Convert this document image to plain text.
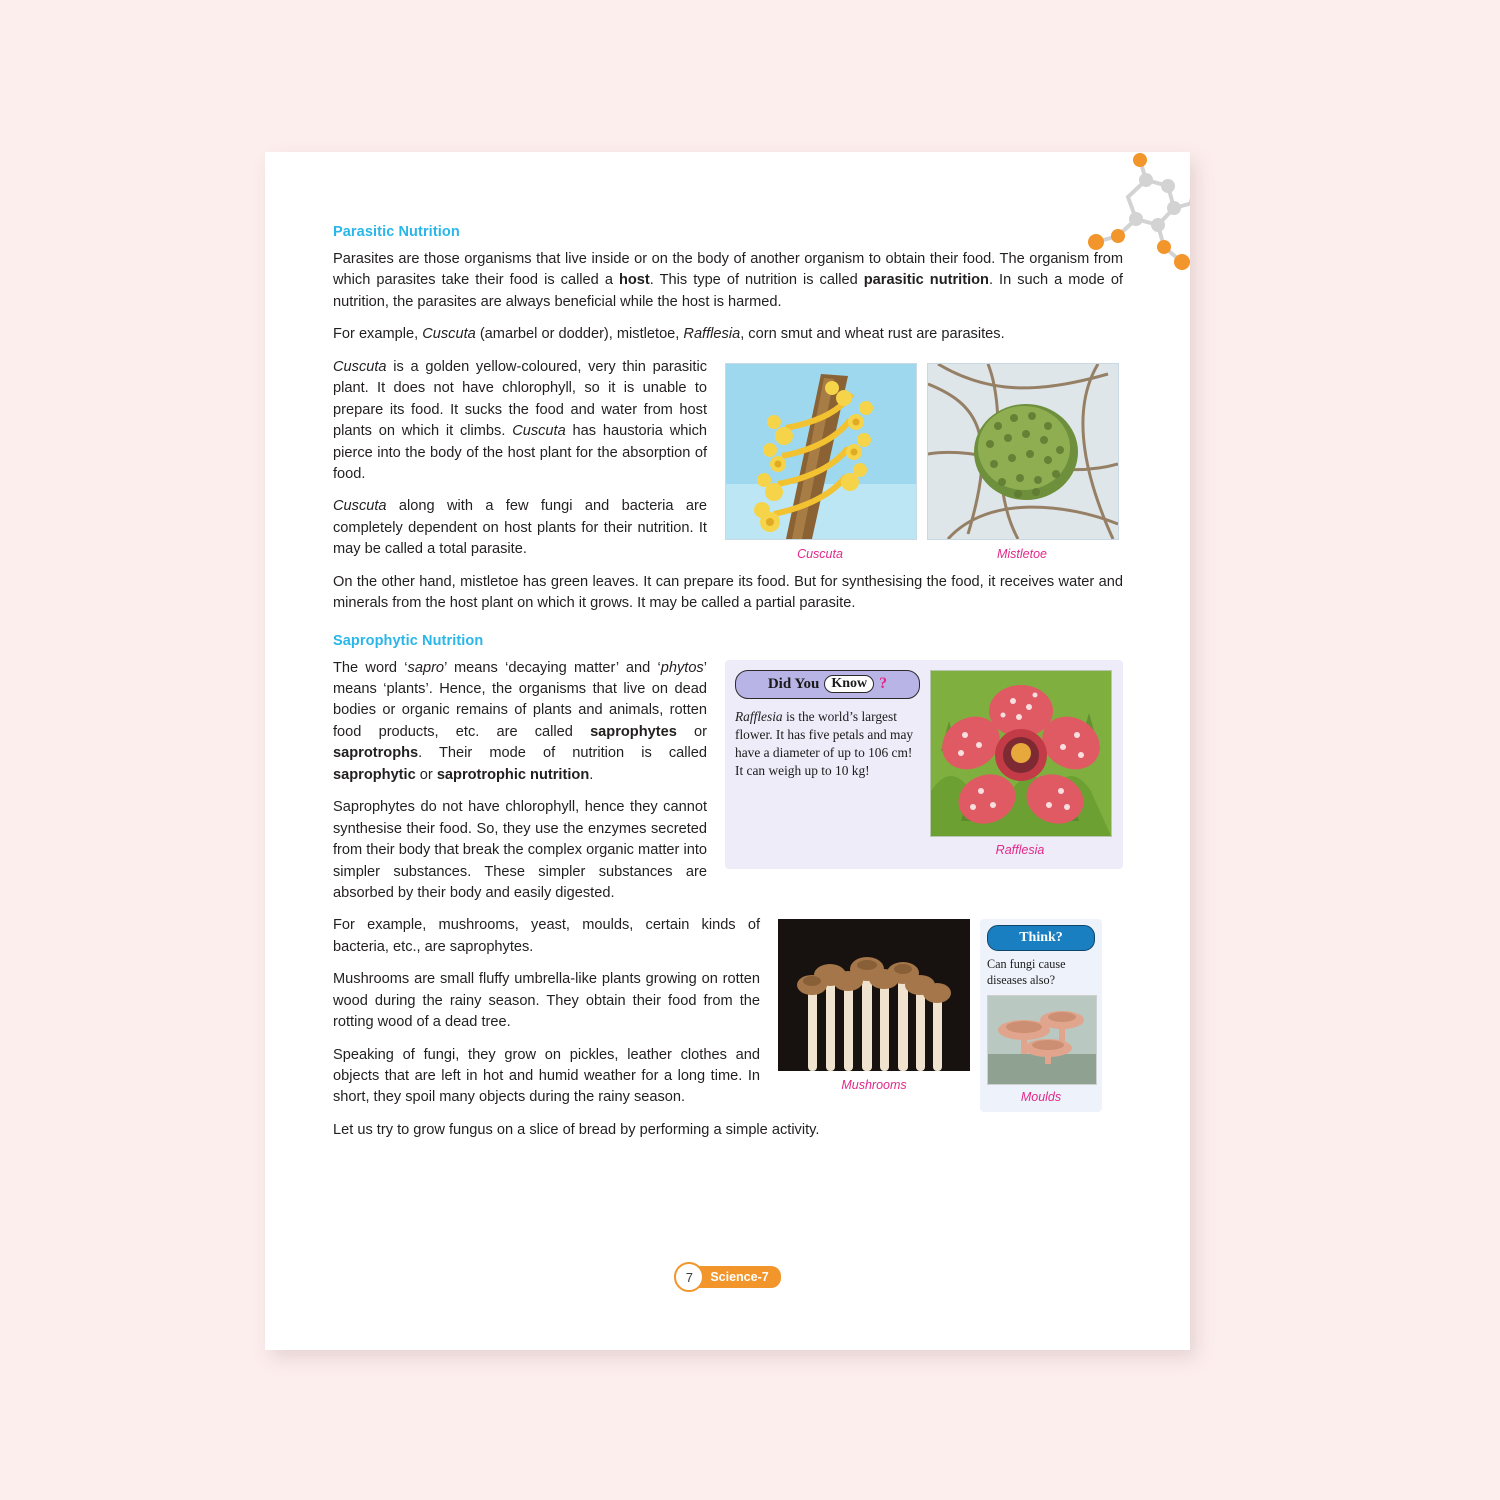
Parasitic Nutrition

Parasites are those organisms that live inside or on the body of another organism to obtain their food. The organism from which parasites take their food is called a host. This type of nutrition is called parasitic nutrition. In such a mode of nutrition, the parasites are always beneficial while the host is harmed.

For example, Cuscuta (amarbel or dodder), mistletoe, Rafflesia, corn smut and wheat rust are parasites.

Cuscuta	Mistletoe

Cuscuta is a golden yellow-coloured, very thin parasitic plant. It does not have chlorophyll, so it is unable to prepare its food. It sucks the food and water from host plants on which it climbs. Cuscuta has haustoria which pierce into the body of the host plant for the absorption of food.

Cuscuta along with a few fungi and bacteria are completely dependent on host plants for their nutrition. It may be called a total parasite.

On the other hand, mistletoe has green leaves. It can prepare its food. But for synthesising the food, it receives water and minerals from the host plant on which it grows. It may be called a partial parasite.

Saprophytic Nutrition
Did You Know ?
Rafflesia is the world’s largest flower. It has five petals and may have a diameter of up to 106 cm! It can weigh up to 10 kg!
Rafflesia

The word ‘sapro’ means ‘decaying matter’ and ‘phytos’ means ‘plants’. Hence, the organisms that live on dead bodies or organic remains of plants and animals, rotten food products, etc. are called saprophytes or saprotrophs. Their mode of nutrition is called saprophytic or saprotrophic nutrition.

Saprophytes do not have chlorophyll, hence they cannot synthesise their food. So, they use the enzymes secreted from their body that break the complex organic matter into simpler substances. These simpler substances are absorbed by their body and easily digested.

Mushrooms
Think?
Can fungi cause diseases also?
Moulds

For example, mushrooms, yeast, moulds, certain kinds of bacteria, etc., are saprophytes.

Mushrooms are small fluffy umbrella-like plants growing on rotten wood during the rainy season. They obtain their food from the rotting wood of a dead tree.

Speaking of fungi, they grow on pickles, leather clothes and objects that are left in hot and humid weather for a long time. In short, they spoil many objects during the rainy season.

Let us try to grow fungus on a slice of bread by performing a simple activity.

7	Science-7
